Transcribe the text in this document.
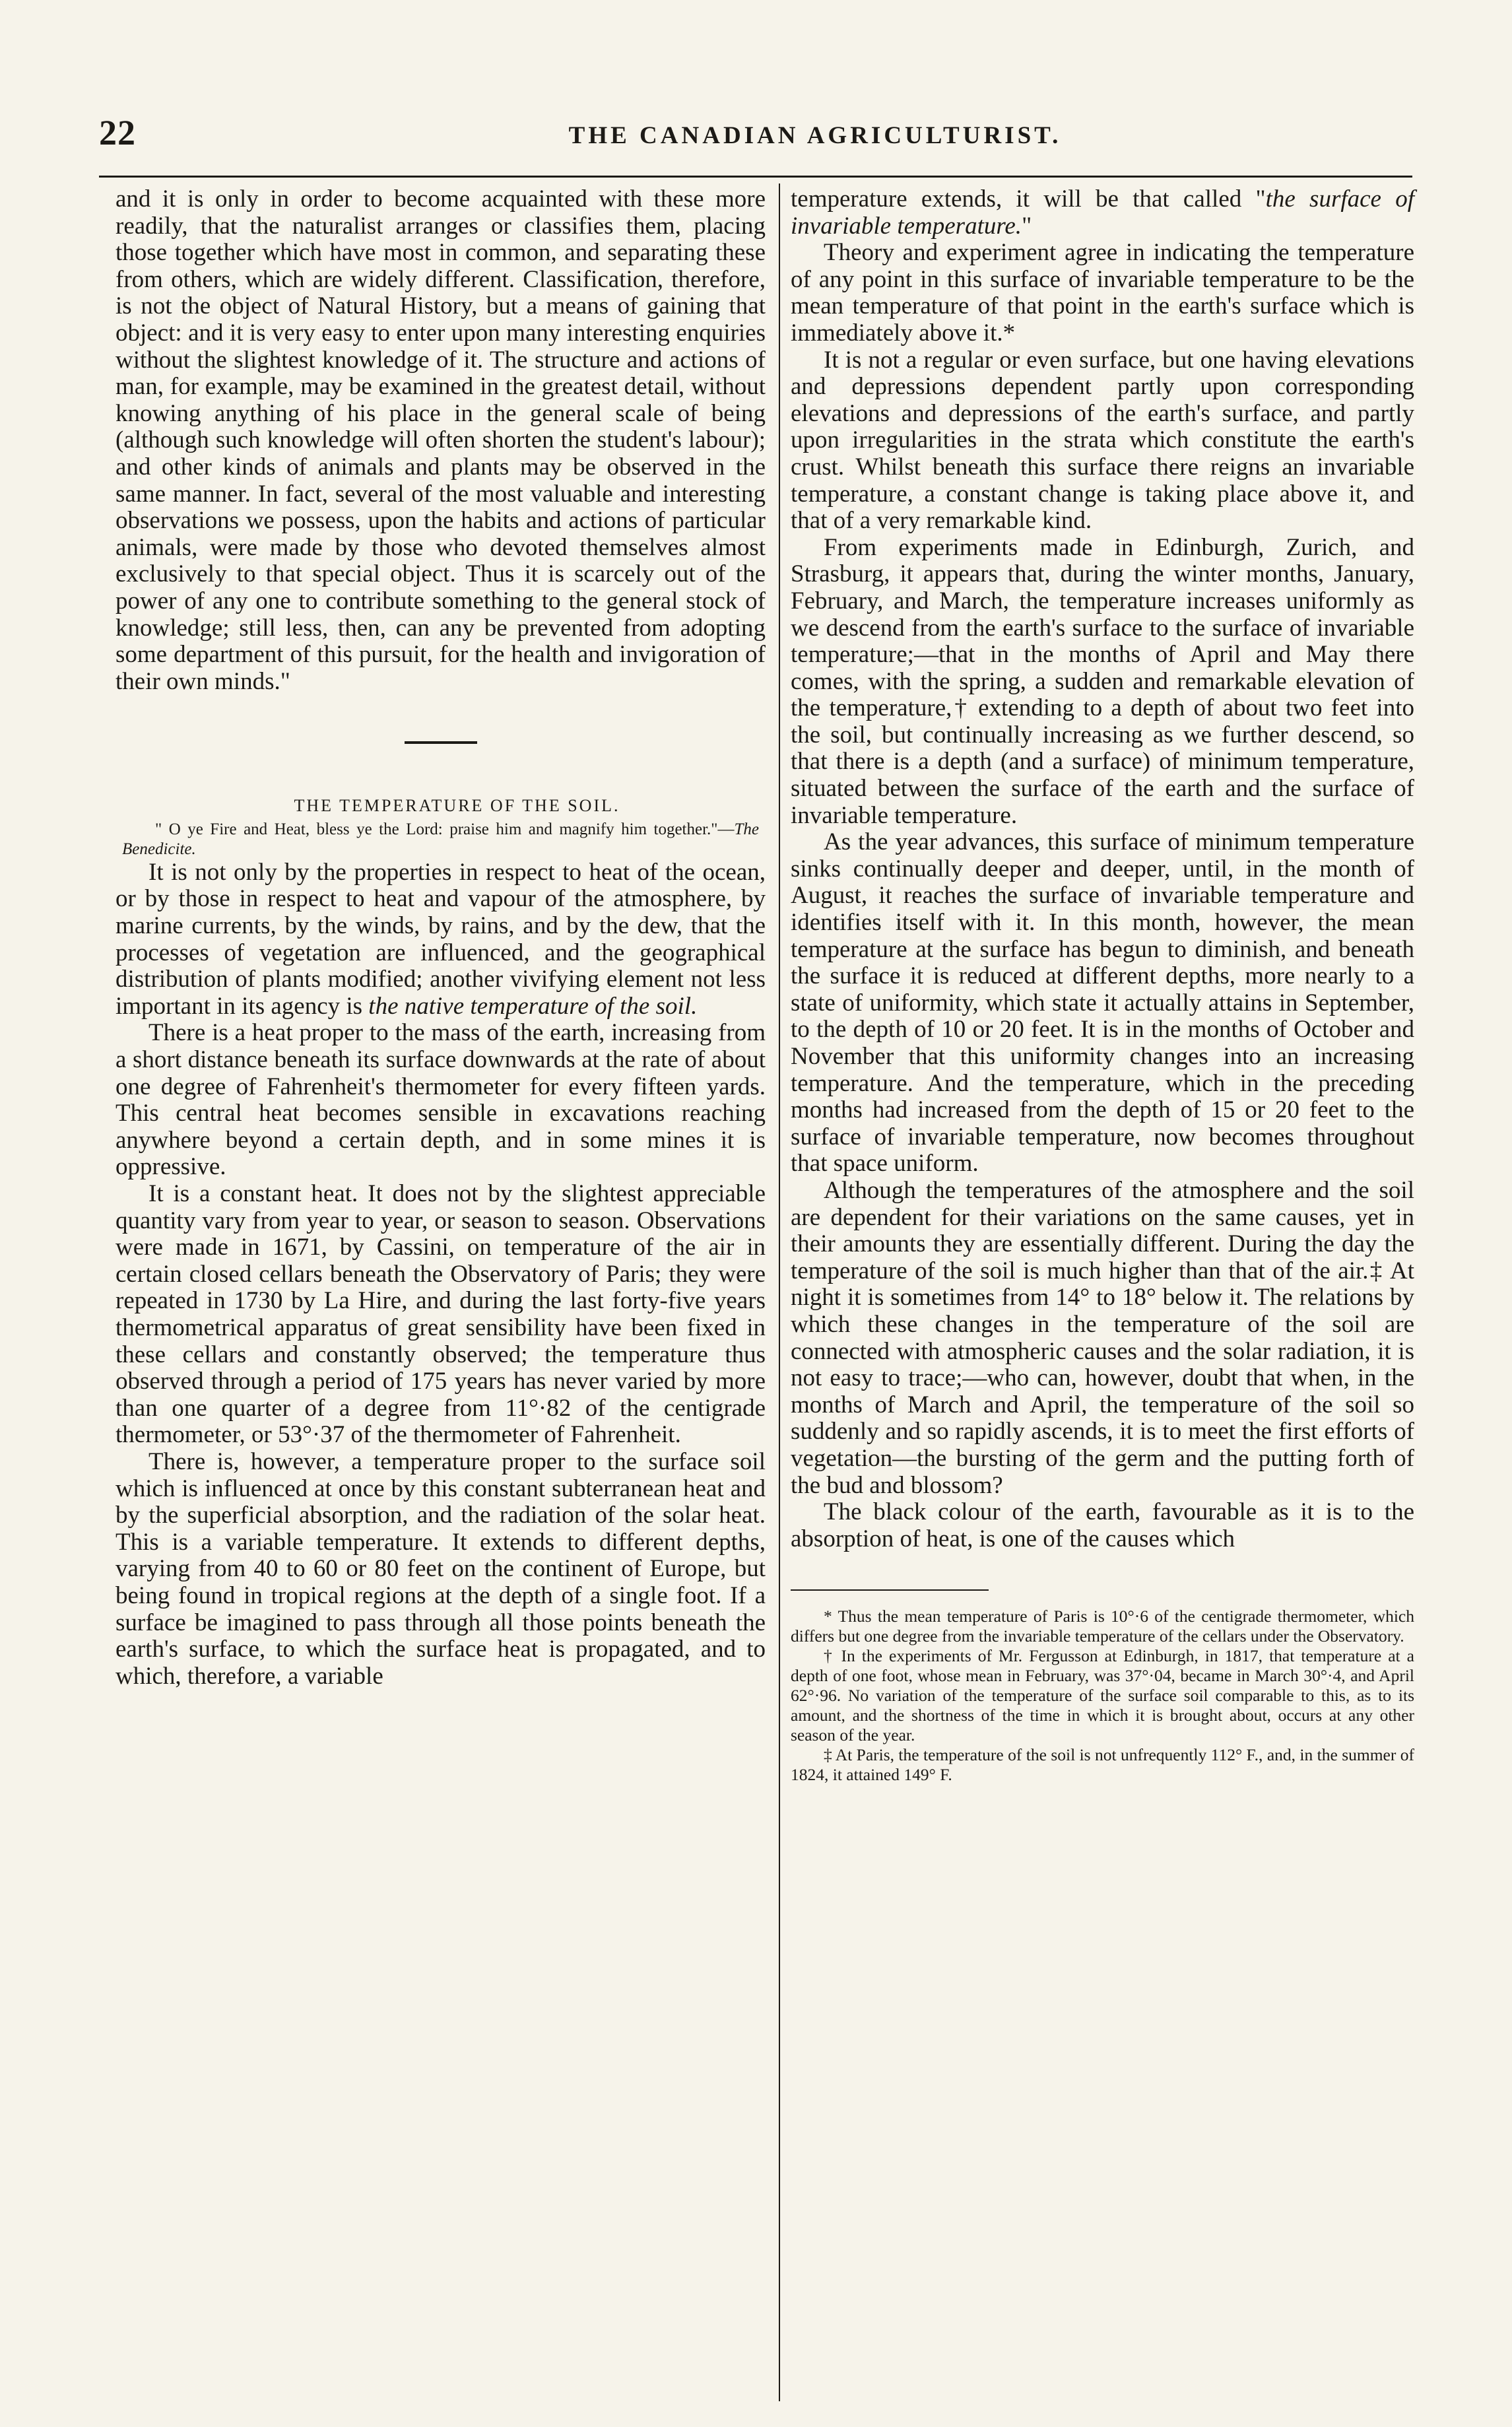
22	THE CANADIAN AGRICULTURIST.

and it is only in order to become acquainted with these more readily, that the naturalist arranges or classifies them, placing those together which have most in common, and separating these from others, which are widely different. Classification, therefore, is not the object of Natural History, but a means of gaining that object: and it is very easy to enter upon many interesting enquiries without the slightest knowledge of it. The structure and actions of man, for example, may be examined in the greatest detail, without knowing anything of his place in the general scale of being (although such knowledge will often shorten the student's labour); and other kinds of animals and plants may be observed in the same manner. In fact, several of the most valuable and interesting observations we possess, upon the habits and actions of particular animals, were made by those who devoted themselves almost exclusively to that special object. Thus it is scarcely out of the power of any one to contribute something to the general stock of knowledge; still less, then, can any be prevented from adopting some department of this pursuit, for the health and invigoration of their own minds."

THE TEMPERATURE OF THE SOIL.

" O ye Fire and Heat, bless ye the Lord: praise him and magnify him together."—The Benedicite.

It is not only by the properties in respect to heat of the ocean, or by those in respect to heat and vapour of the atmosphere, by marine currents, by the winds, by rains, and by the dew, that the processes of vegetation are influenced, and the geographical distribution of plants modified; another vivifying element not less important in its agency is the native temperature of the soil.

There is a heat proper to the mass of the earth, increasing from a short distance beneath its surface downwards at the rate of about one degree of Fahrenheit's thermometer for every fifteen yards. This central heat becomes sensible in excavations reaching anywhere beyond a certain depth, and in some mines it is oppressive.

It is a constant heat. It does not by the slightest appreciable quantity vary from year to year, or season to season. Observations were made in 1671, by Cassini, on temperature of the air in certain closed cellars beneath the Observatory of Paris; they were repeated in 1730 by La Hire, and during the last forty-five years thermometrical apparatus of great sensibility have been fixed in these cellars and constantly observed; the temperature thus observed through a period of 175 years has never varied by more than one quarter of a degree from 11°·82 of the centigrade thermometer, or 53°·37 of the thermometer of Fahrenheit.

There is, however, a temperature proper to the surface soil which is influenced at once by this constant subterranean heat and by the superficial absorption, and the radiation of the solar heat. This is a variable temperature. It extends to different depths, varying from 40 to 60 or 80 feet on the continent of Europe, but being found in tropical regions at the depth of a single foot. If a surface be imagined to pass through all those points beneath the earth's surface, to which the surface heat is propagated, and to which, therefore, a variable

temperature extends, it will be that called "the surface of invariable temperature."

Theory and experiment agree in indicating the temperature of any point in this surface of invariable temperature to be the mean temperature of that point in the earth's surface which is immediately above it.*

It is not a regular or even surface, but one having elevations and depressions dependent partly upon corresponding elevations and depressions of the earth's surface, and partly upon irregularities in the strata which constitute the earth's crust. Whilst beneath this surface there reigns an invariable temperature, a constant change is taking place above it, and that of a very remarkable kind.

From experiments made in Edinburgh, Zurich, and Strasburg, it appears that, during the winter months, January, February, and March, the temperature increases uniformly as we descend from the earth's surface to the surface of invariable temperature;—that in the months of April and May there comes, with the spring, a sudden and remarkable elevation of the temperature,† extending to a depth of about two feet into the soil, but continually increasing as we further descend, so that there is a depth (and a surface) of minimum temperature, situated between the surface of the earth and the surface of invariable temperature.

As the year advances, this surface of minimum temperature sinks continually deeper and deeper, until, in the month of August, it reaches the surface of invariable temperature and identifies itself with it. In this month, however, the mean temperature at the surface has begun to diminish, and beneath the surface it is reduced at different depths, more nearly to a state of uniformity, which state it actually attains in September, to the depth of 10 or 20 feet. It is in the months of October and November that this uniformity changes into an increasing temperature. And the temperature, which in the preceding months had increased from the depth of 15 or 20 feet to the surface of invariable temperature, now becomes throughout that space uniform.

Although the temperatures of the atmosphere and the soil are dependent for their variations on the same causes, yet in their amounts they are essentially different. During the day the temperature of the soil is much higher than that of the air.‡ At night it is sometimes from 14° to 18° below it. The relations by which these changes in the temperature of the soil are connected with atmospheric causes and the solar radiation, it is not easy to trace;—who can, however, doubt that when, in the months of March and April, the temperature of the soil so suddenly and so rapidly ascends, it is to meet the first efforts of vegetation—the bursting of the germ and the putting forth of the bud and blossom?

The black colour of the earth, favourable as it is to the absorption of heat, is one of the causes which

* Thus the mean temperature of Paris is 10°·6 of the centigrade thermometer, which differs but one degree from the invariable temperature of the cellars under the Observatory.

† In the experiments of Mr. Fergusson at Edinburgh, in 1817, that temperature at a depth of one foot, whose mean in February, was 37°·04, became in March 30°·4, and April 62°·96. No variation of the temperature of the surface soil comparable to this, as to its amount, and the shortness of the time in which it is brought about, occurs at any other season of the year.

‡ At Paris, the temperature of the soil is not unfrequently 112° F., and, in the summer of 1824, it attained 149° F.
